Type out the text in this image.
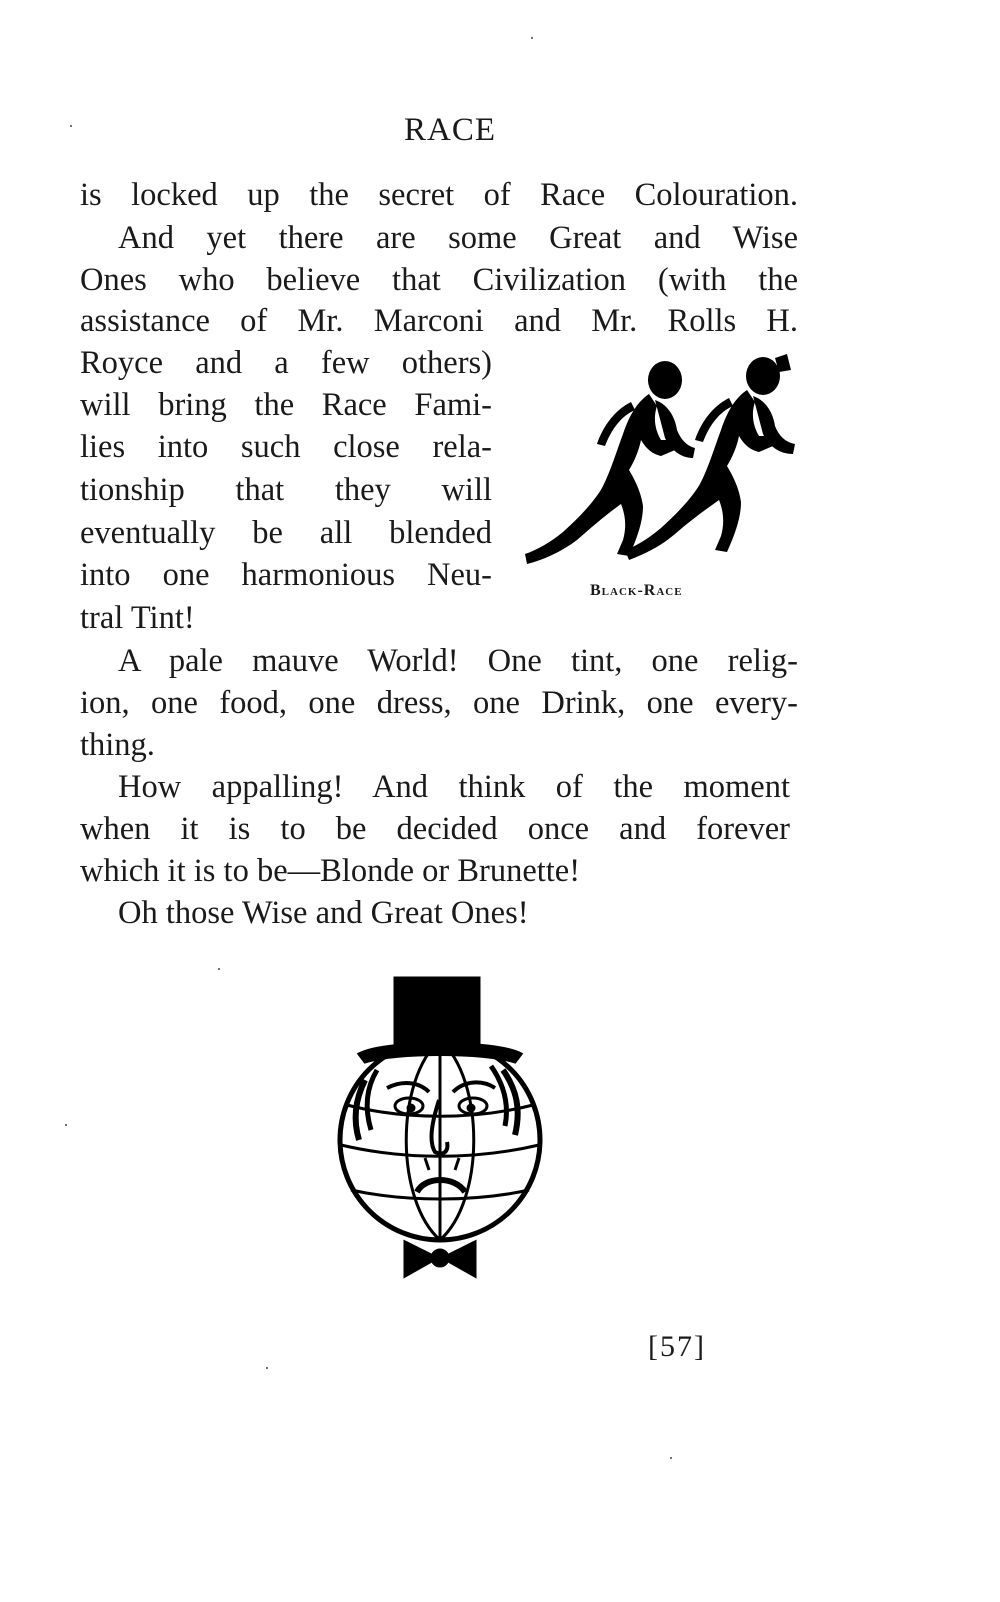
RACE
is locked up the secret of Race Colouration.
And yet there are some Great and Wise
Ones who believe that Civilization (with the
assistance of Mr. Marconi and Mr. Rolls H.
Royce and a few others)
will bring the Race Fami-
lies into such close rela-
tionship that they will
eventually be all blended
into one harmonious Neu-
tral Tint!
A pale mauve World! One tint, one relig-
ion, one food, one dress, one Drink, one every-
thing.
How appalling! And think of the moment
when it is to be decided once and forever
which it is to be—Blonde or Brunette!
Oh those Wise and Great Ones!
Black-Race
[57]
